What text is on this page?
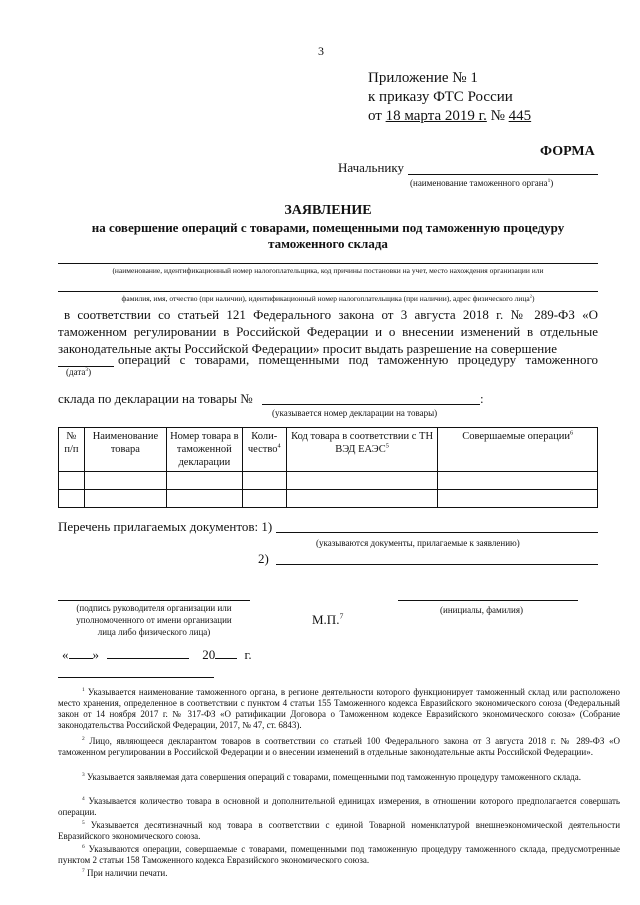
3
Приложение № 1
к приказу ФТС России
от 18 марта 2019 г. № 445
ФОРМА
Начальнику
(наименование таможенного органа$^1$)
ЗАЯВЛЕНИЕ
на совершение операций с товарами, помещенными под таможенную процедуру
таможенного склада
(наименование, идентификационный номер налогоплательщика, код причины постановки на учет, место нахождения организации или
фамилия, имя, отчество (при наличии), идентификационный номер налогоплательщика (при наличии), адрес физического лица$^2$)
в соответствии со статьей 121 Федерального закона от 3 августа 2018 г. № 289-ФЗ «О таможенном регулировании в Российской Федерации и о внесении изменений в отдельные законодательные акты Российской Федерации» просит выдать разрешение на совершение
операций с товарами, помещенными под таможенную процедуру таможенного
(дата$^3$)
склада по декларации на товары №	:
(указывается номер декларации на товары)
№ п/п	Наименование товара	Номер товара в таможенной декларации	Коли-чество$^4$	Код товара в соответствии с ТН ВЭД ЕАЭС$^5$	Совершаемые операции$^6$

Перечень прилагаемых документов: 1)
(указываются документы, прилагаемые к заявлению)
2)
(подпись руководителя организации или
уполномоченного от имени организации
лица либо физического лица)
М.П.$^7$
(инициалы, фамилия)
« »	20 г.
$^1$ Указывается наименование таможенного органа, в регионе деятельности которого функционирует таможенный склад или расположено место хранения, определенное в соответствии с пунктом 4 статьи 155 Таможенного кодекса Евразийского экономического союза (Федеральный закон от 14 ноября 2017 г. № 317-ФЗ «О ратификации Договора о Таможенном кодексе Евразийского экономического союза» (Собрание законодательства Российской Федерации, 2017, № 47, ст. 6843).
$^2$ Лицо, являющееся декларантом товаров в соответствии со статьей 100 Федерального закона от 3 августа 2018 г. № 289-ФЗ «О таможенном регулировании в Российской Федерации и о внесении изменений в отдельные законодательные акты Российской Федерации».
$^3$ Указывается заявляемая дата совершения операций с товарами, помещенными под таможенную процедуру таможенного склада.
$^4$ Указывается количество товара в основной и дополнительной единицах измерения, в отношении которого предполагается совершать операции.
$^5$ Указывается десятизначный код товара в соответствии с единой Товарной номенклатурой внешнеэкономической деятельности Евразийского экономического союза.
$^6$ Указываются операции, совершаемые с товарами, помещенными под таможенную процедуру таможенного склада, предусмотренные пунктом 2 статьи 158 Таможенного кодекса Евразийского экономического союза.
$^7$ При наличии печати.
